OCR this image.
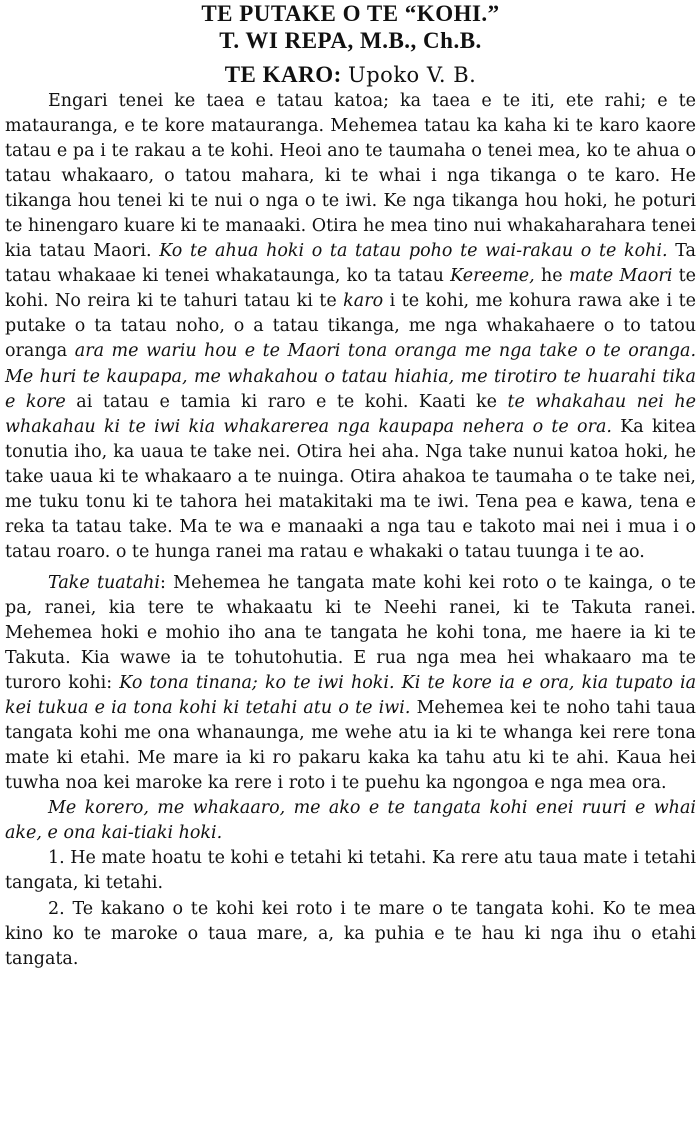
TE PUTAKE O TE “KOHI.”
T. WI REPA, M.B., Ch.B.
TE KARO: Upoko V. B.

Engari tenei ke taea e tatau katoa; ka taea e te iti, ete rahi; e te matauranga, e te kore matauranga. Mehemea tatau ka kaha ki te karo kaore tatau e pa i te rakau a te kohi. Heoi ano te taumaha o tenei mea, ko te ahua o tatau whakaaro, o tatou mahara, ki te whai i nga tikanga o te karo. He tikanga hou tenei ki te nui o nga o te iwi. Ke nga tikanga hou hoki, he poturi te hinengaro kuare ki te manaaki. Otira he mea tino nui whakaharahara tenei kia tatau Maori. Ko te ahua hoki o ta tatau poho te wai-rakau o te kohi. Ta tatau whakaae ki tenei whakataunga, ko ta tatau Kereeme, he mate Maori te kohi. No reira ki te tahuri tatau ki te karo i te kohi, me kohura rawa ake i te putake o ta tatau noho, o a tatau tikanga, me nga whakahaere o to tatou oranga ara me wariu hou e te Maori tona oranga me nga take o te oranga. Me huri te kaupapa, me whakahou o tatau hiahia, me tirotiro te huarahi tika e kore ai tatau e tamia ki raro e te kohi. Kaati ke te whakahau nei he whakahau ki te iwi kia whakarerea nga kaupapa nehera o te ora. Ka kitea tonutia iho, ka uaua te take nei. Otira hei aha. Nga take nunui katoa hoki, he take uaua ki te whakaaro a te nuinga. Otira ahakoa te taumaha o te take nei, me tuku tonu ki te tahora hei matakitaki ma te iwi. Tena pea e kawa, tena e reka ta tatau take. Ma te wa e manaaki a nga tau e takoto mai nei i mua i o tatau roaro. o te hunga ranei ma ratau e whakaki o tatau tuunga i te ao.

Take tuatahi: Mehemea he tangata mate kohi kei roto o te kainga, o te pa, ranei, kia tere te whakaatu ki te Neehi ranei, ki te Takuta ranei. Mehemea hoki e mohio iho ana te tangata he kohi tona, me haere ia ki te Takuta. Kia wawe ia te tohutohutia. E rua nga mea hei whakaaro ma te turoro kohi: Ko tona tinana; ko te iwi hoki. Ki te kore ia e ora, kia tupato ia kei tukua e ia tona kohi ki tetahi atu o te iwi. Mehemea kei te noho tahi taua tangata kohi me ona whanaunga, me wehe atu ia ki te whanga kei rere tona mate ki etahi. Me mare ia ki ro pakaru kaka ka tahu atu ki te ahi. Kaua hei tuwha noa kei maroke ka rere i roto i te puehu ka ngongoa e nga mea ora.

Me korero, me whakaaro, me ako e te tangata kohi enei ruuri e whai ake, e ona kai-tiaki hoki.

1. He mate hoatu te kohi e tetahi ki tetahi. Ka rere atu taua mate i tetahi tangata, ki tetahi.

2. Te kakano o te kohi kei roto i te mare o te tangata kohi. Ko te mea kino ko te maroke o taua mare, a, ka puhia e te hau ki nga ihu o etahi tangata.
